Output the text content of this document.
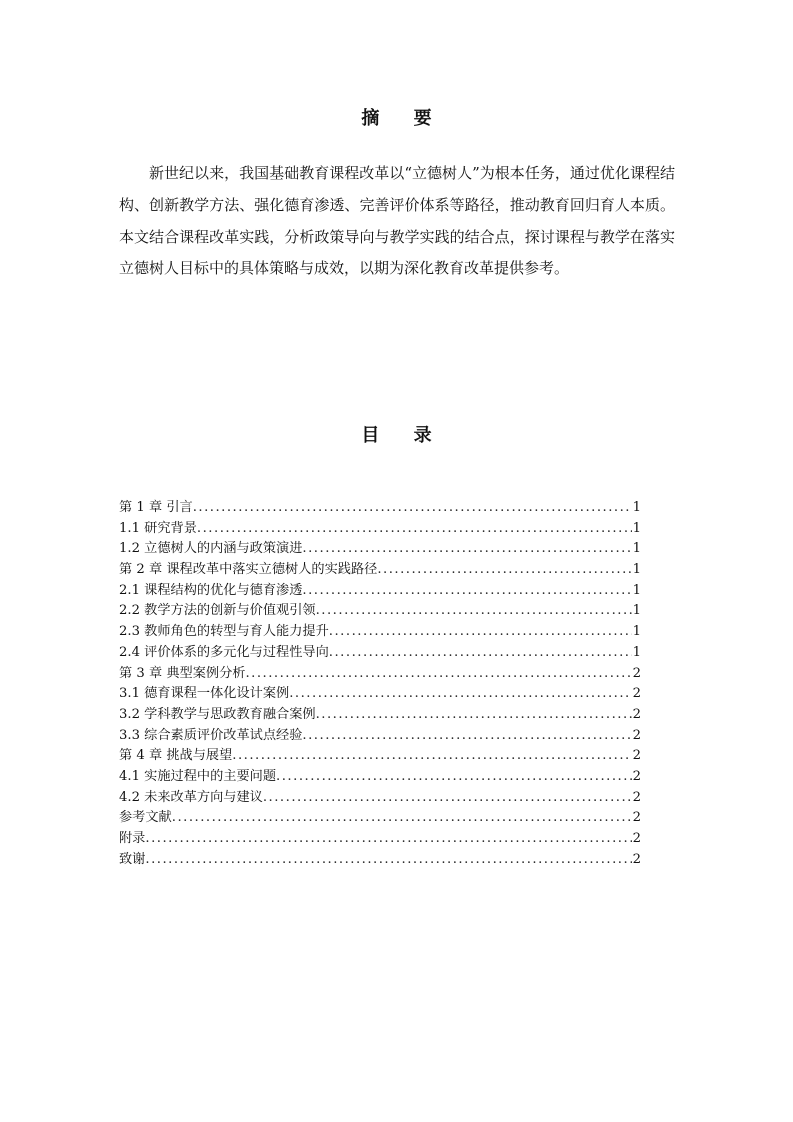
摘 要

新世纪以来，我国基础教育课程改革以“立德树人”为根本任务，通过优化课程结构、创新教学方法、强化德育渗透、完善评价体系等路径，推动教育回归育人本质。本文结合课程改革实践，分析政策导向与教学实践的结合点，探讨课程与教学在落实立德树人目标中的具体策略与成效，以期为深化教育改革提供参考。

目 录
第 1 章 引言 .....	1
1.1 研究背景 .....	1
1.2 立德树人的内涵与政策演进 .....	1
第 2 章 课程改革中落实立德树人的实践路径 .....	1
2.1 课程结构的优化与德育渗透 .....	1
2.2 教学方法的创新与价值观引领 .....	1
2.3 教师角色的转型与育人能力提升 .....	1
2.4 评价体系的多元化与过程性导向 .....	1
第 3 章 典型案例分析 .....	2
3.1 德育课程一体化设计案例 .....	2
3.2 学科教学与思政教育融合案例 .....	2
3.3 综合素质评价改革试点经验 .....	2
第 4 章 挑战与展望 .....	2
4.1 实施过程中的主要问题 .....	2
4.2 未来改革方向与建议 .....	2
参考文献 .....	2
附录 .....	2
致谢 .....	2
